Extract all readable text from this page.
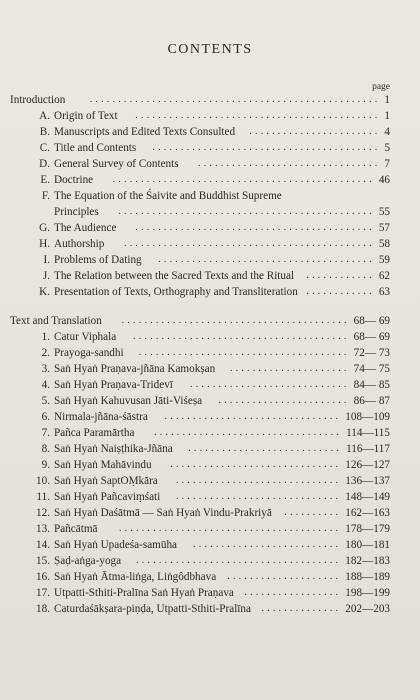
CONTENTS
page
Introduction	................................................... 1
A. Origin of Text	........................................... 1
B. Manuscripts and Edited Texts Consulted	....................... 4
C. Title and Contents	........................................ 5
D. General Survey of Contents	................................ 7
E. Doctrine	.............................................. 46
F. The Equation of the Śaivite and Buddhist Supreme
Principles	............................................. 55
G. The Audience	.......................................... 57
H. Authorship	............................................ 58
I. Problems of Dating	...................................... 59
J. The Relation between the Sacred Texts and the Ritual	............ 62
K. Presentation of Texts, Orthography and Transliteration ............ 63
Text and Translation	........................................ 68— 69
1. Catur Viphala	...................................... 68— 69
2. Prayoga-sandhi	..................................... 72— 73
3. Saṅ Hyaṅ Praṇava-jñāna Kamokṣan	..................... 74— 75
4. Saṅ Hyaṅ Praṇava-Tridevī	............................ 84— 85
5. Saṅ Hyaṅ Kahuvusan Jāti-Viśeṣa	....................... 86— 87
6. Nirmala-jñāna-śāstra	............................... 108—109
7. Pañca Paramārtha	................................. 114—115
8. Saṅ Hyaṅ Naiṣṭhika-Jñāna	........................... 116—117
9. Saṅ Hyaṅ Mahāvindu	.............................. 126—127
10. Saṅ Hyaṅ SaptOṂkāra	............................. 136—137
11. Saṅ Hyaṅ Pañcaviṃśati	............................. 148—149
12. Saṅ Hyaṅ Daśātmā — Saṅ Hyaṅ Vindu-Prakriyā	.......... 162—163
13. Pañcātmā	....................................... 178—179
14. Saṅ Hyaṅ Upadeśa-samūha	.......................... 180—181
15. Ṣaḍ-aṅga-yoga	.................................... 182—183
16. Saṅ Hyaṅ Ātma-liṅga, Liṅgôdbhava	.................... 188—189
17. Utpatti-Sthiti-Pralīna Saṅ Hyaṅ Praṇava	................. 198—199
18. Caturdaśākṣara-piṇḍa, Utpatti-Sthiti-Pralīna	.............. 202—203
